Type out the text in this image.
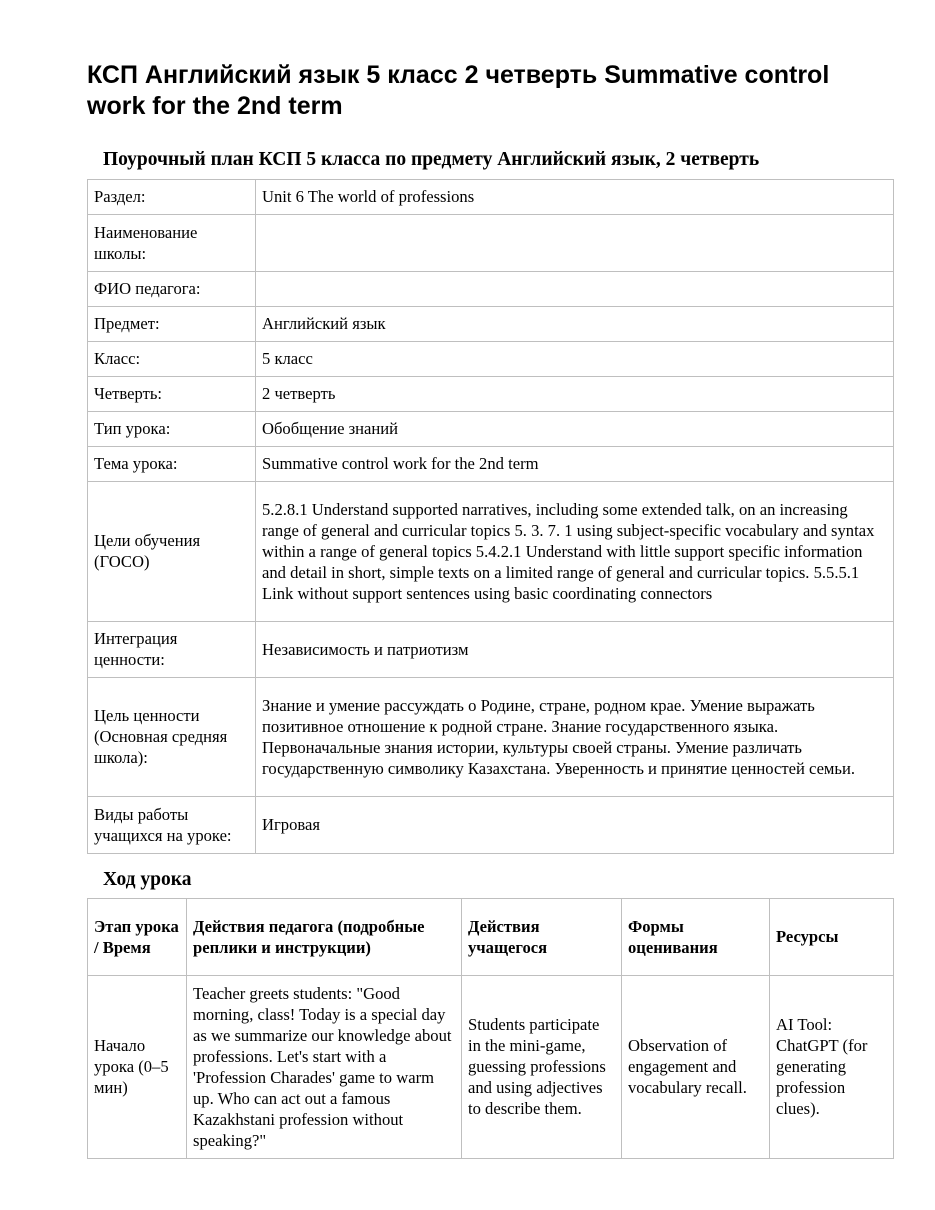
КСП Английский язык 5 класс 2 четверть Summative control work for the 2nd term
Поурочный план КСП 5 класса по предмету Английский язык, 2 четверть
Раздел:	Unit 6 The world of professions
Наименование школы:	
ФИО педагога:	
Предмет:	Английский язык
Класс:	5 класс
Четверть:	2 четверть
Тип урока:	Обобщение знаний
Тема урока:	Summative control work for the 2nd term
Цели обучения (ГОСО)	5.2.8.1 Understand supported narratives, including some extended talk, on an increasing range of general and curricular topics 5. 3. 7. 1 using subject-specific vocabulary and syntax within a range of general topics 5.4.2.1 Understand with little support specific information and detail in short, simple texts on a limited range of general and curricular topics. 5.5.5.1 Link without support sentences using basic coordinating connectors
Интеграция ценности:	Независимость и патриотизм
Цель ценности (Основная средняя школа):	Знание и умение рассуждать о Родине, стране, родном крае. Умение выражать позитивное отношение к родной стране. Знание государственного языка. Первоначальные знания истории, культуры своей страны. Умение различать государственную символику Казахстана. Уверенность и принятие ценностей семьи.
Виды работы учащихся на уроке:	Игровая
Ход урока
Этап урока / Время	Действия педагога (подробные реплики и инструкции)	Действия учащегося	Формы оценивания	Ресурсы
Начало урока (0–5 мин)	Teacher greets students: "Good morning, class! Today is a special day as we summarize our knowledge about professions. Let's start with a 'Profession Charades' game to warm up. Who can act out a famous Kazakhstani profession without speaking?"	Students participate in the mini-game, guessing professions and using adjectives to describe them.	Observation of engagement and vocabulary recall.	AI Tool: ChatGPT (for generating profession clues).
